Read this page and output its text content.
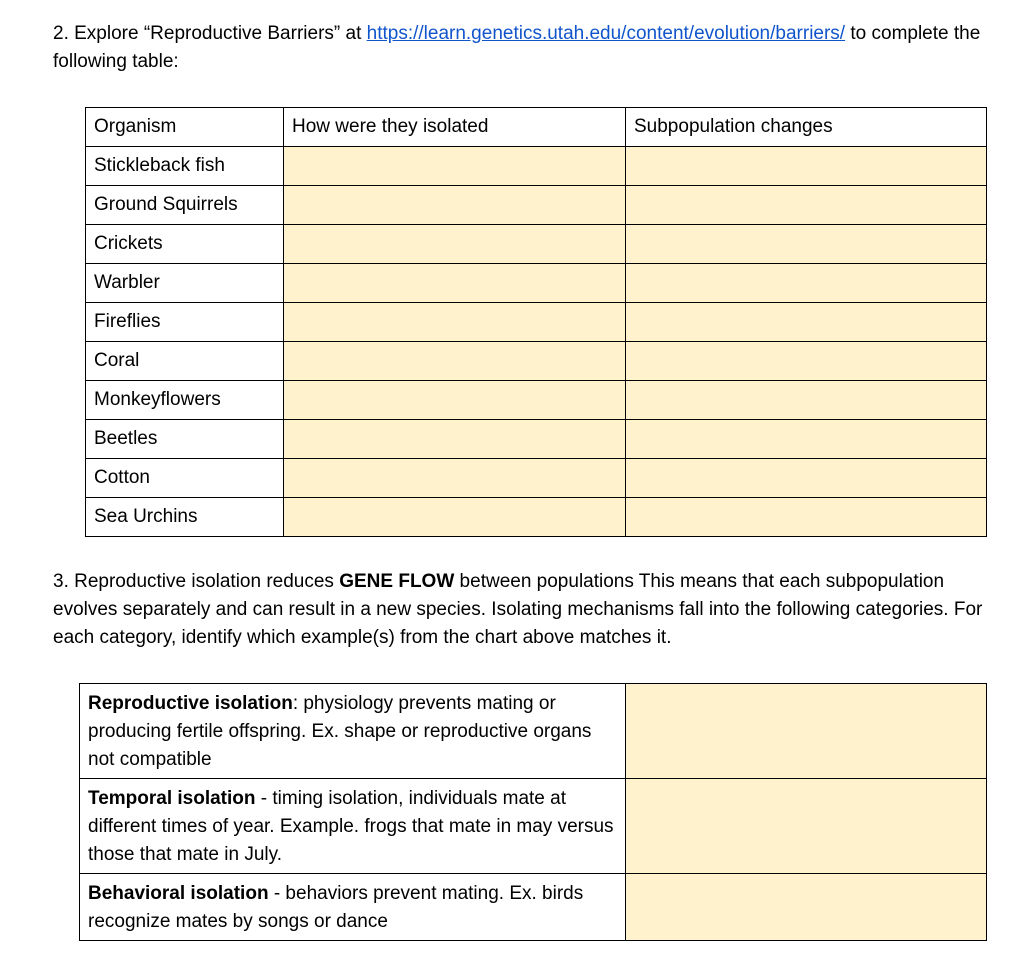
2. Explore “Reproductive Barriers” at https://learn.genetics.utah.edu/content/evolution/barriers/ to complete the following table:
Organism	How were they isolated	Subpopulation changes
Stickleback fish		
Ground Squirrels		
Crickets		
Warbler		
Fireflies		
Coral		
Monkeyflowers		
Beetles		
Cotton		
Sea Urchins		
3. Reproductive isolation reduces GENE FLOW between populations This means that each subpopulation evolves separately and can result in a new species. Isolating mechanisms fall into the following categories. For each category, identify which example(s) from the chart above matches it.
Reproductive isolation: physiology prevents mating or producing fertile offspring. Ex. shape or reproductive organs not compatible	
Temporal isolation - timing isolation, individuals mate at different times of year. Example. frogs that mate in may versus those that mate in July.	
Behavioral isolation - behaviors prevent mating. Ex. birds recognize mates by songs or dance	
